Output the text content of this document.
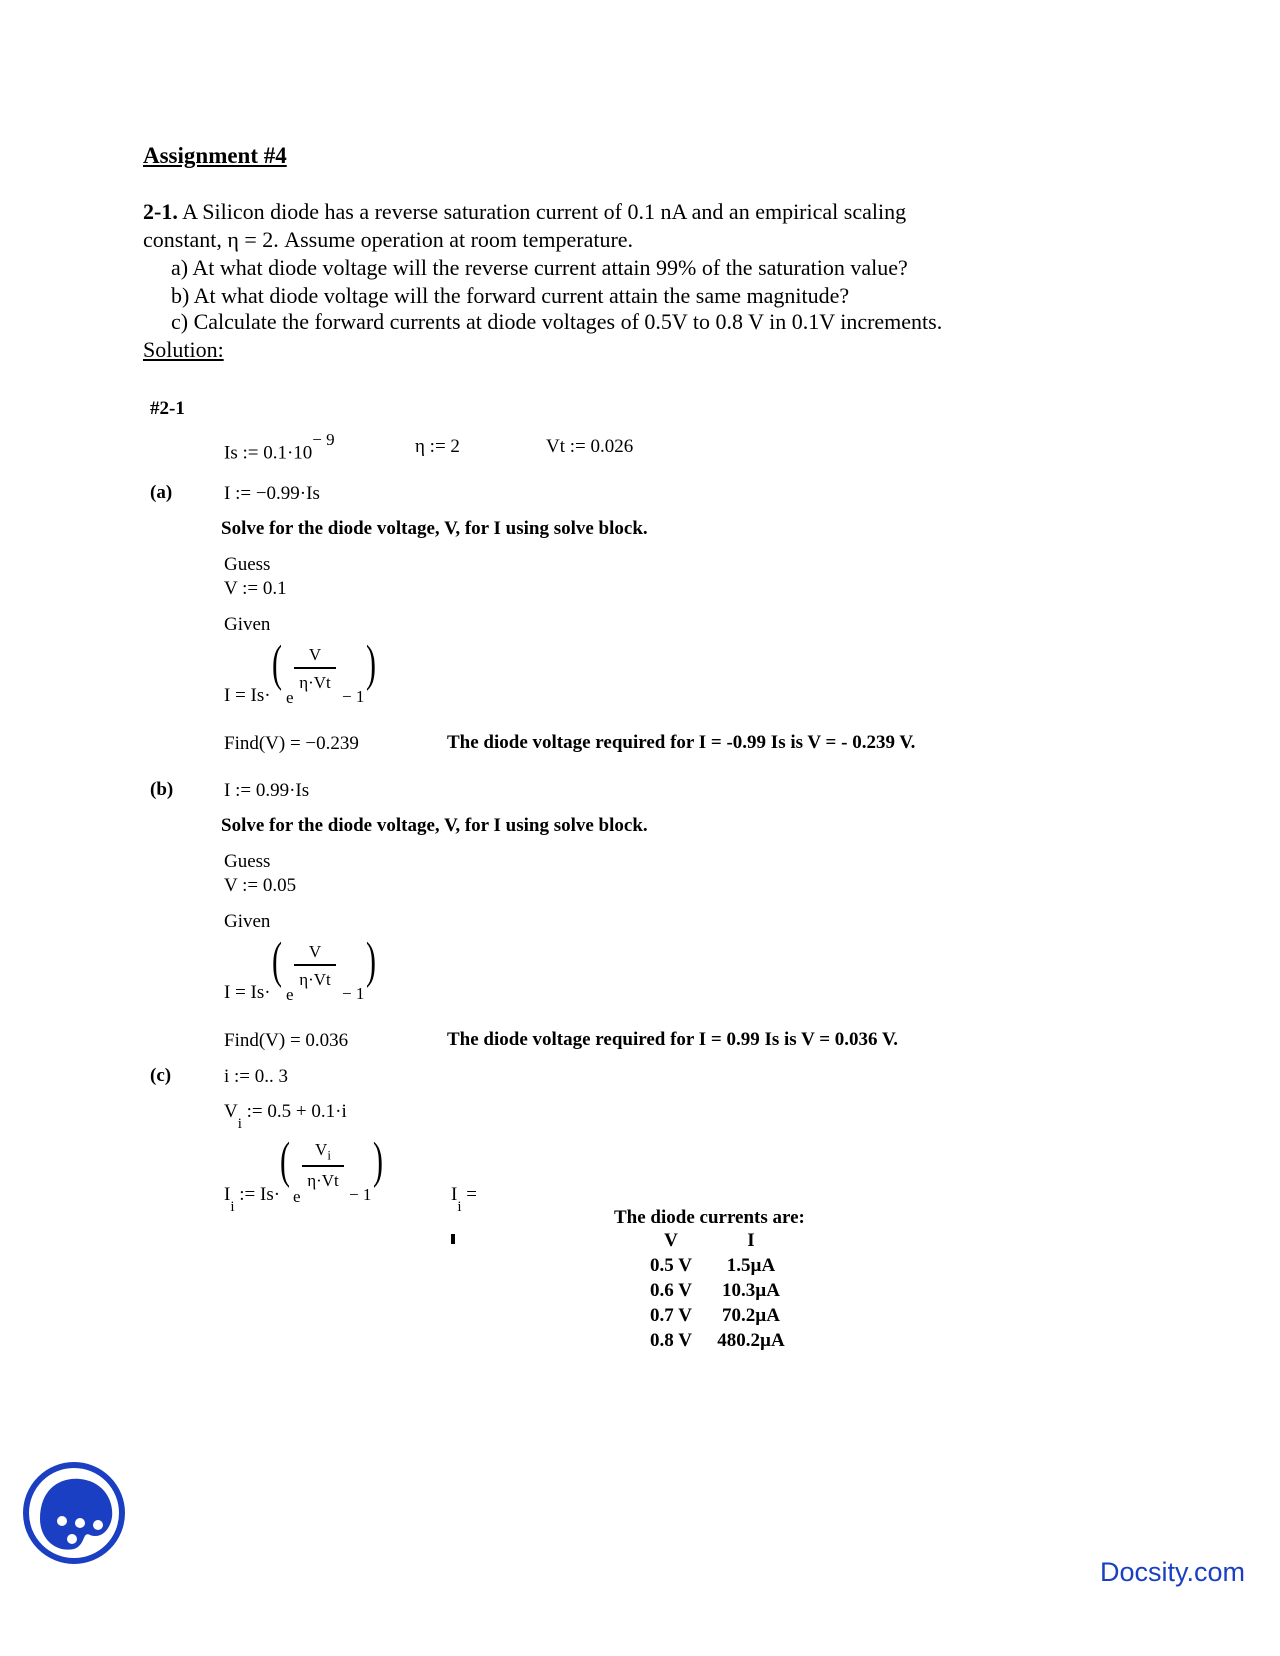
Assignment #4
2-1. A Silicon diode has a reverse saturation current of 0.1 nA and an empirical scaling
constant, η = 2. Assume operation at room temperature.
a) At what diode voltage will the reverse current attain 99% of the saturation value?
b) At what diode voltage will the forward current attain the same magnitude?
c) Calculate the forward currents at diode voltages of 0.5V to 0.8 V in 0.1V increments.
Solution:
#2-1
Is := $0.1\cdot 10^{- 9}$	η := 2	Vt := 0.026
(a)	I := −0.99·Is
Solve for the diode voltage, V, for I using solve block.
Guess
V := 0.1
Given
I = Is·
(
e
V
η·Vt
− 1
)
Find(V) = −0.239	The diode voltage required for I = -0.99 Is is V = - 0.239 V.
(b)	I := 0.99·Is
Solve for the diode voltage, V, for I using solve block.
Guess
V := 0.05
Given
I = Is·
(
e
V
η·Vt
− 1
)
Find(V) = 0.036	The diode voltage required for I = 0.99 Is is V = 0.036 V.
(c)	i := 0.. 3
$V_i$ := 0.5 + 0.1·i
$I_i$ := Is·
(
e
$V_i$
η·Vt
− 1
)
$I_i$ =
The diode currents are:
V	I
0.5 V	1.5µA
0.6 V	10.3µA
0.7 V	70.2µA
0.8 V	480.2µA
Docsity.com
